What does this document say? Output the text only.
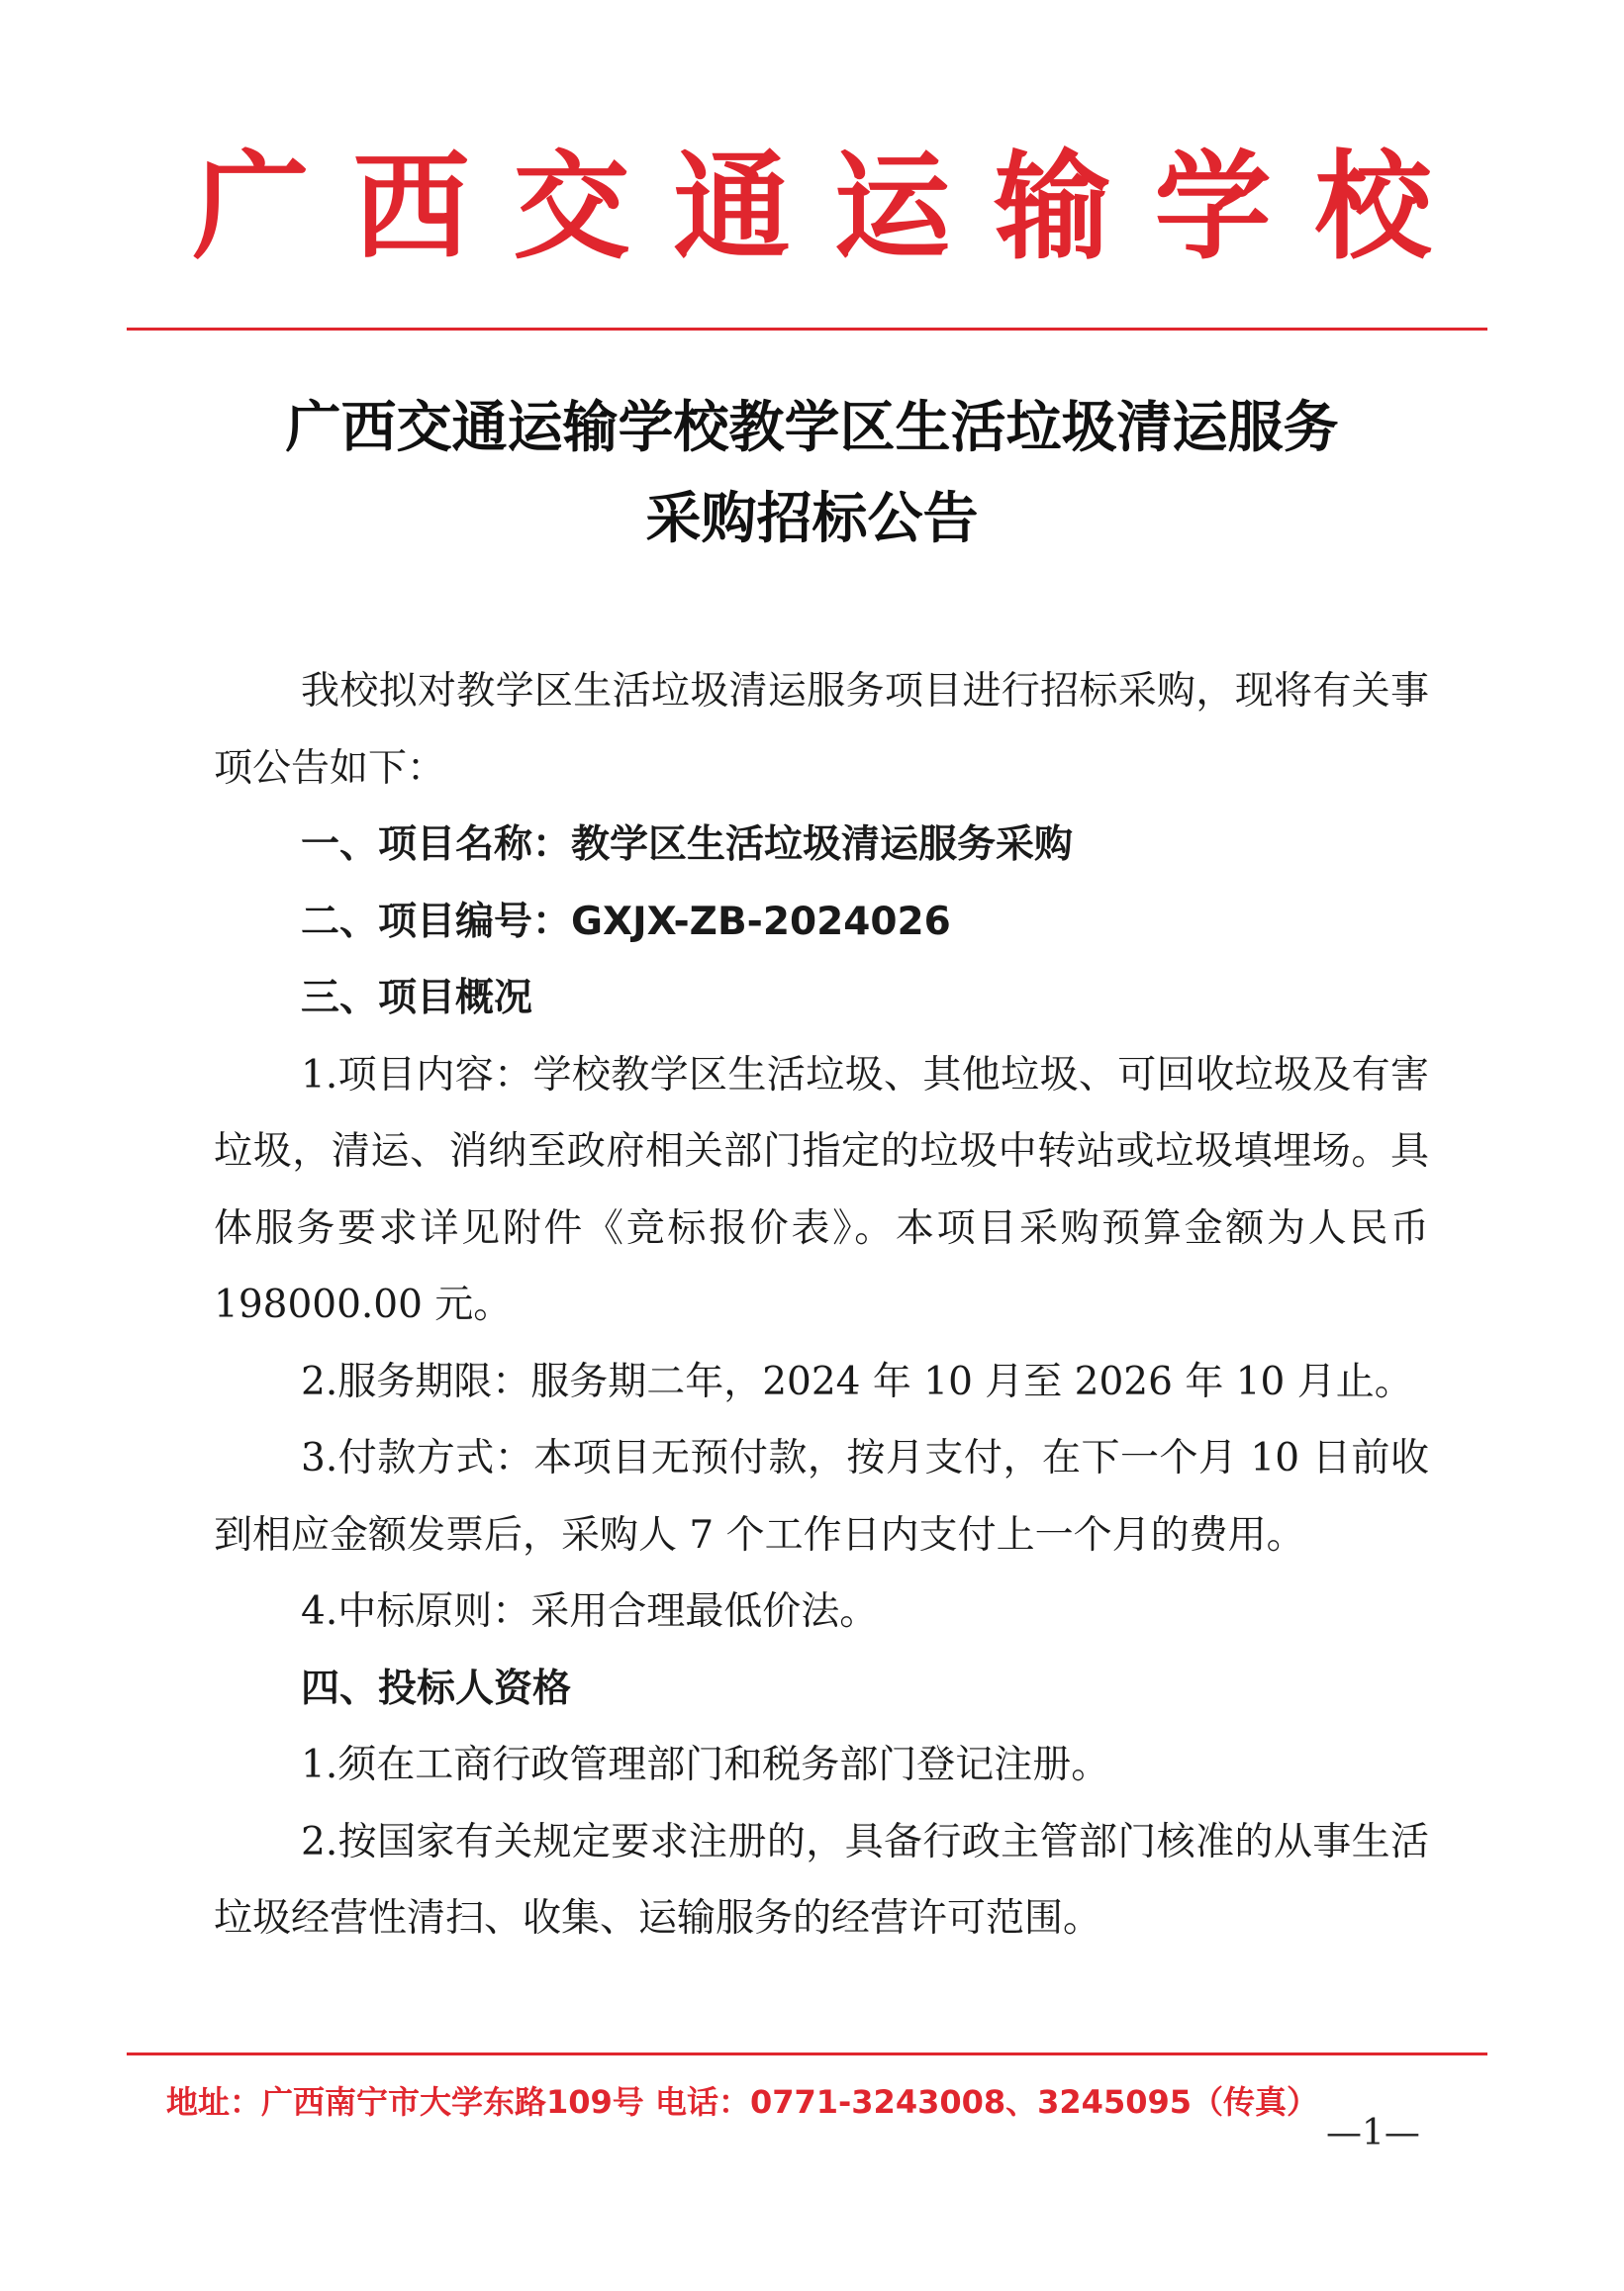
广西交通运输学校
广西交通运输学校教学区生活垃圾清运服务
采购招标公告

我校拟对教学区生活垃圾清运服务项目进行招标采购，现将有关事项公告如下：

一、项目名称：教学区生活垃圾清运服务采购

二、项目编号：GXJX-ZB-2024026

三、项目概况

1.项目内容：学校教学区生活垃圾、其他垃圾、可回收垃圾及有害垃圾，清运、消纳至政府相关部门指定的垃圾中转站或垃圾填埋场。具体服务要求详见附件《竞标报价表》。本项目采购预算金额为人民币 198000.00 元。

2.服务期限：服务期二年，2024 年 10 月至 2026 年 10 月止。

3.付款方式：本项目无预付款，按月支付，在下一个月 10 日前收到相应金额发票后，采购人 7 个工作日内支付上一个月的费用。

4.中标原则：采用合理最低价法。

四、投标人资格

1.须在工商行政管理部门和税务部门登记注册。

2.按国家有关规定要求注册的，具备行政主管部门核准的从事生活垃圾经营性清扫、收集、运输服务的经营许可范围。

地址：广西南宁市大学东路109号 电话：0771-3243008、3245095（传真）
—1—
